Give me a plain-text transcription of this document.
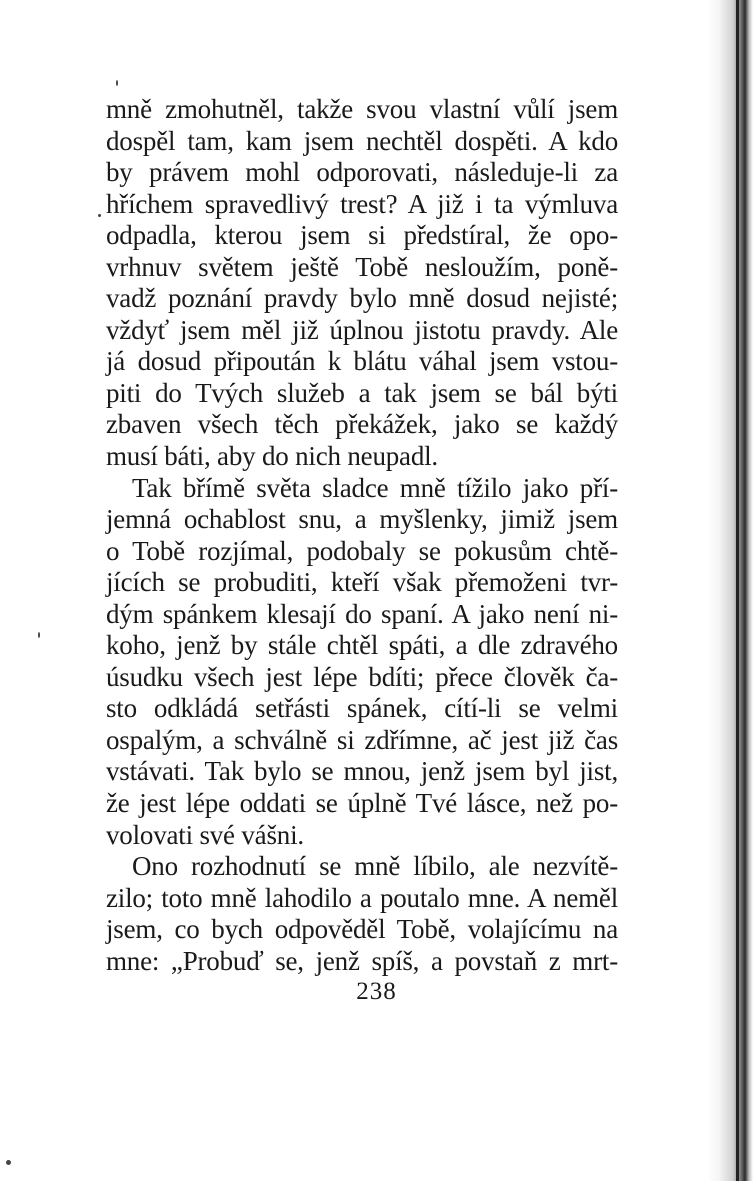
mně zmohutněl, takže svou vlastní vůlí jsem
dospěl tam, kam jsem nechtěl dospěti. A kdo
by právem mohl odporovati, následuje-li za
hříchem spravedlivý trest? A již i ta výmluva
odpadla, kterou jsem si předstíral, že opo-
vrhnuv světem ještě Tobě nesloužím, poně-
vadž poznání pravdy bylo mně dosud nejisté;
vždyť jsem měl již úplnou jistotu pravdy. Ale
já dosud připoután k blátu váhal jsem vstou-
piti do Tvých služeb a tak jsem se bál býti
zbaven všech těch překážek, jako se každý
musí báti, aby do nich neupadl.
Tak břímě světa sladce mně tížilo jako pří-
jemná ochablost snu, a myšlenky, jimiž jsem
o Tobě rozjímal, podobaly se pokusům chtě-
jících se probuditi, kteří však přemoženi tvr-
dým spánkem klesají do spaní. A jako není ni-
koho, jenž by stále chtěl spáti, a dle zdravého
úsudku všech jest lépe bdíti; přece člověk ča-
sto odkládá setřásti spánek, cítí-li se velmi
ospalým, a schválně si zdřímne, ač jest již čas
vstávati. Tak bylo se mnou, jenž jsem byl jist,
že jest lépe oddati se úplně Tvé lásce, než po-
volovati své vášni.
Ono rozhodnutí se mně líbilo, ale nezvítě-
zilo; toto mně lahodilo a poutalo mne. A neměl
jsem, co bych odpověděl Tobě, volajícímu na
mne: „Probuď se, jenž spíš, a povstaň z mrt-
238
